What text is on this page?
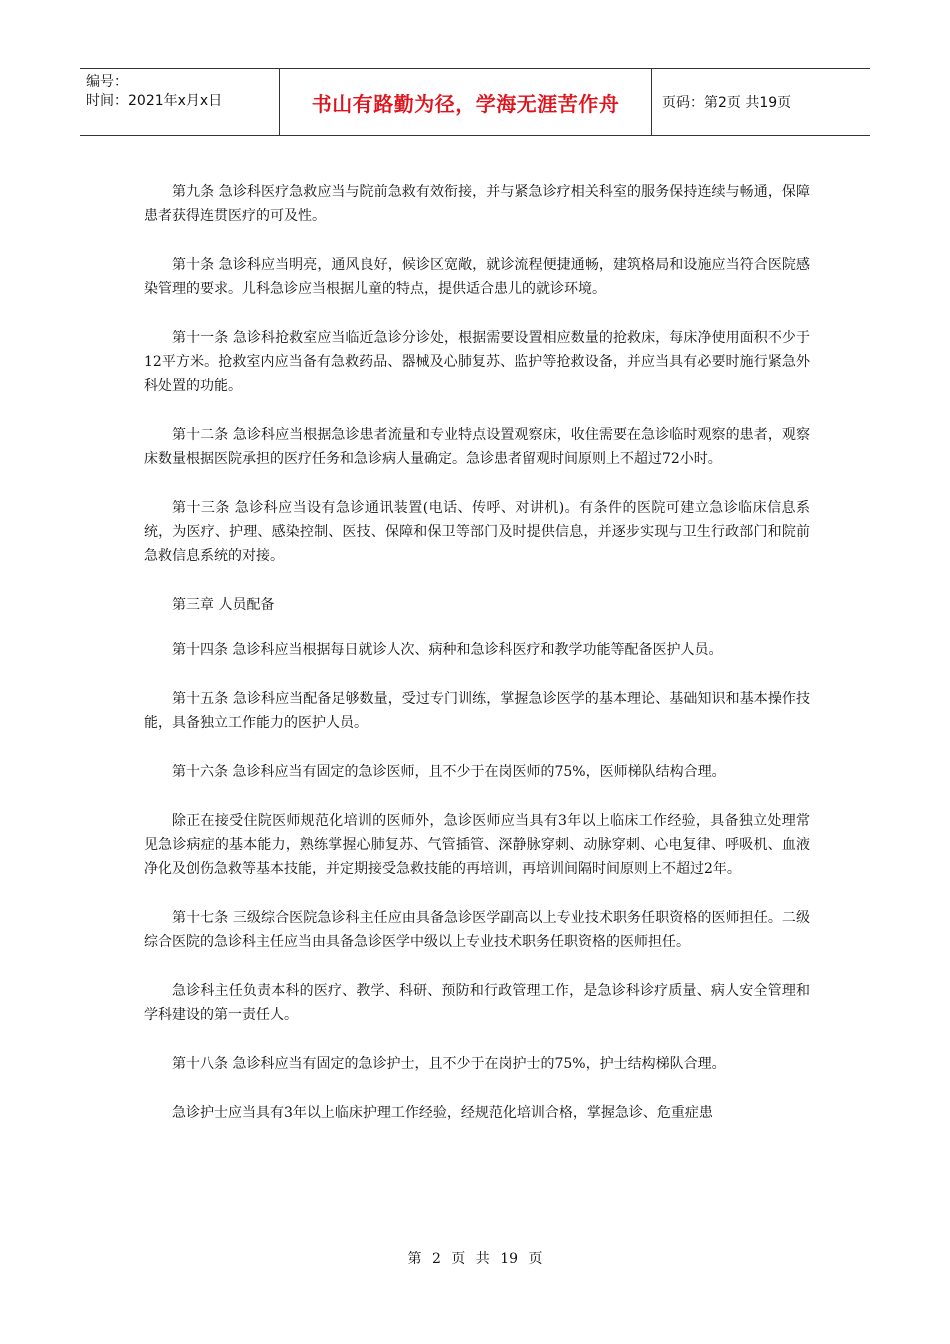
编号：
时间：2021年x月x日	书山有路勤为径，学海无涯苦作舟	页码：第2页 共19页

第九条 急诊科医疗急救应当与院前急救有效衔接，并与紧急诊疗相关科室的服务保持连续与畅通，保障患者获得连贯医疗的可及性。

第十条 急诊科应当明亮，通风良好，候诊区宽敞，就诊流程便捷通畅，建筑格局和设施应当符合医院感染管理的要求。儿科急诊应当根据儿童的特点，提供适合患儿的就诊环境。

第十一条 急诊科抢救室应当临近急诊分诊处，根据需要设置相应数量的抢救床，每床净使用面积不少于12平方米。抢救室内应当备有急救药品、器械及心肺复苏、监护等抢救设备，并应当具有必要时施行紧急外科处置的功能。

第十二条 急诊科应当根据急诊患者流量和专业特点设置观察床，收住需要在急诊临时观察的患者，观察床数量根据医院承担的医疗任务和急诊病人量确定。急诊患者留观时间原则上不超过72小时。

第十三条 急诊科应当设有急诊通讯装置(电话、传呼、对讲机)。有条件的医院可建立急诊临床信息系统，为医疗、护理、感染控制、医技、保障和保卫等部门及时提供信息，并逐步实现与卫生行政部门和院前急救信息系统的对接。

第三章 人员配备

第十四条 急诊科应当根据每日就诊人次、病种和急诊科医疗和教学功能等配备医护人员。

第十五条 急诊科应当配备足够数量，受过专门训练，掌握急诊医学的基本理论、基础知识和基本操作技能，具备独立工作能力的医护人员。

第十六条 急诊科应当有固定的急诊医师，且不少于在岗医师的75%，医师梯队结构合理。

除正在接受住院医师规范化培训的医师外，急诊医师应当具有3年以上临床工作经验，具备独立处理常见急诊病症的基本能力，熟练掌握心肺复苏、气管插管、深静脉穿刺、动脉穿刺、心电复律、呼吸机、血液净化及创伤急救等基本技能，并定期接受急救技能的再培训，再培训间隔时间原则上不超过2年。

第十七条 三级综合医院急诊科主任应由具备急诊医学副高以上专业技术职务任职资格的医师担任。二级综合医院的急诊科主任应当由具备急诊医学中级以上专业技术职务任职资格的医师担任。

急诊科主任负责本科的医疗、教学、科研、预防和行政管理工作，是急诊科诊疗质量、病人安全管理和学科建设的第一责任人。

第十八条 急诊科应当有固定的急诊护士，且不少于在岗护士的75%，护士结构梯队合理。

急诊护士应当具有3年以上临床护理工作经验，经规范化培训合格，掌握急诊、危重症患

第 2 页 共 19 页
